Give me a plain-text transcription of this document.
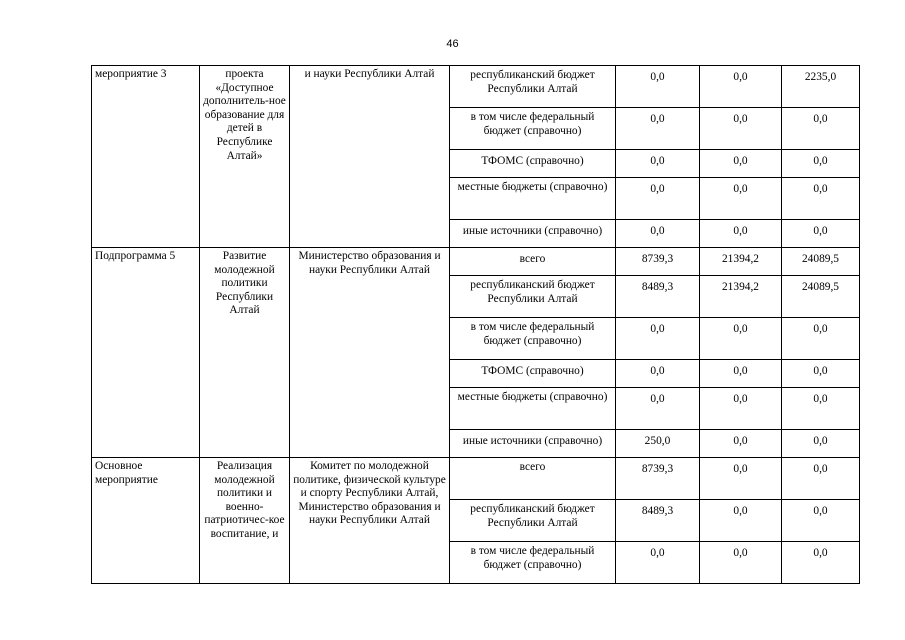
46
мероприятие 3	проекта «Доступное дополнитель-ное образование для детей в Республике Алтай»	и науки Республики Алтай	республиканский бюджет Республики Алтай	0,0	0,0	2235,0
			в том числе федеральный бюджет (справочно)	0,0	0,0	0,0
			ТФОМС (справочно)	0,0	0,0	0,0
			местные бюджеты (справочно)	0,0	0,0	0,0
			иные источники (справочно)	0,0	0,0	0,0
Подпрограмма 5	Развитие молодежной политики Республики Алтай	Министерство образования и науки Республики Алтай	всего	8739,3	21394,2	24089,5
			республиканский бюджет Республики Алтай	8489,3	21394,2	24089,5
			в том числе федеральный бюджет (справочно)	0,0	0,0	0,0
			ТФОМС (справочно)	0,0	0,0	0,0
			местные бюджеты (справочно)	0,0	0,0	0,0
			иные источники (справочно)	250,0	0,0	0,0
Основное мероприятие	Реализация молодежной политики и военно-патриотичес-кое воспитание, и	Комитет по молодежной политике, физической культуре и спорту Республики Алтай, Министерство образования и науки Республики Алтай	всего	8739,3	0,0	0,0
			республиканский бюджет Республики Алтай	8489,3	0,0	0,0
			в том числе федеральный бюджет (справочно)	0,0	0,0	0,0
